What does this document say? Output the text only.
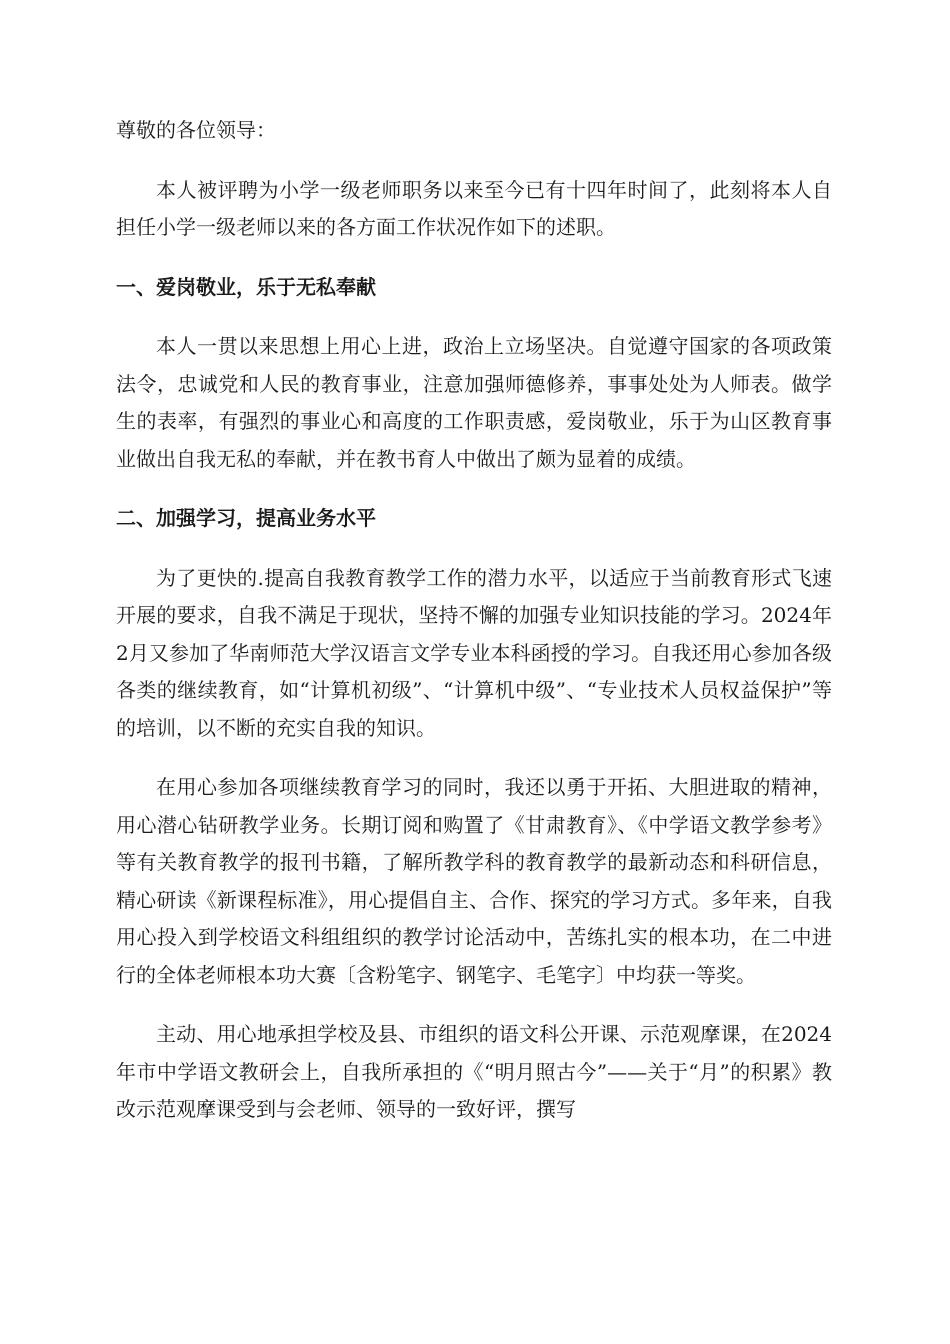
尊敬的各位领导：

本人被评聘为小学一级老师职务以来至今已有十四年时间了，此刻将本人自担任小学一级老师以来的各方面工作状况作如下的述职。

一、爱岗敬业，乐于无私奉献

本人一贯以来思想上用心上进，政治上立场坚决。自觉遵守国家的各项政策法令，忠诚党和人民的教育事业，注意加强师德修养，事事处处为人师表。做学生的表率，有强烈的事业心和高度的工作职责感，爱岗敬业，乐于为山区教育事业做出自我无私的奉献，并在教书育人中做出了颇为显着的成绩。

二、加强学习，提高业务水平

为了更快的.提高自我教育教学工作的潜力水平，以适应于当前教育形式飞速开展的要求，自我不满足于现状，坚持不懈的加强专业知识技能的学习。2024年2月又参加了华南师范大学汉语言文学专业本科函授的学习。自我还用心参加各级各类的继续教育，如“计算机初级”、“计算机中级”、“专业技术人员权益保护”等的培训，以不断的充实自我的知识。

在用心参加各项继续教育学习的同时，我还以勇于开拓、大胆进取的精神，用心潜心钻研教学业务。长期订阅和购置了《甘肃教育》、《中学语文教学参考》等有关教育教学的报刊书籍，了解所教学科的教育教学的最新动态和科研信息，精心研读《新课程标准》，用心提倡自主、合作、探究的学习方式。多年来，自我用心投入到学校语文科组组织的教学讨论活动中，苦练扎实的根本功，在二中进行的全体老师根本功大赛〔含粉笔字、钢笔字、毛笔字〕中均获一等奖。

主动、用心地承担学校及县、市组织的语文科公开课、示范观摩课，在2024年市中学语文教研会上，自我所承担的《“明月照古今”——关于“月”的积累》教改示范观摩课受到与会老师、领导的一致好评，撰写
